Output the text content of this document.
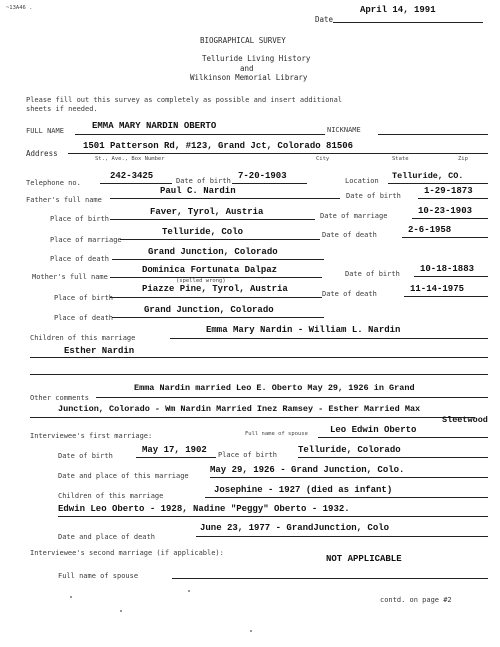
~13A46 .
Date
April 14, 1991
BIOGRAPHICAL SURVEY
Telluride Living History
and
Wilkinson Memorial Library
Please fill out this survey as completely as possible and insert additional
sheets if needed.
FULL NAME	EMMA MARY NARDIN OBERTO	NICKNAME
Address
1501 Patterson Rd, #123, Grand Jct, Colorado 81506
St., Ave., Box Number	City	State	Zip
Telephone no.
242-3425	Date of birth 7-20-1903	Location Telluride, CO.
Father's full name
Paul C. Nardin	Date of birth	1-29-1873
Place of birth
Faver, Tyrol, Austria	Date of marriage	10-23-1903
Place of marriage
Telluride, Colo	Date of death	2-6-1958
Place of death
Grand Junction, Colorado
Mother's full name
Dominica Fortunata Dalpaz	Date of birth 10-18-1883
(spelled wrong)
Place of birth
Piazze Pine, Tyrol, Austria	Date of death	11-14-1975
Place of death
Grand Junction, Colorado
Children of this marriage
Emma Mary Nardin - William L. Nardin
Esther Nardin
Other comments
Emma Nardin married Leo E. Oberto May 29, 1926 in Grand
Junction, Colorado - Wm Nardin Married Inez Ramsey - Esther Married Max
Sleetwood
Interviewee's first marriage:	Full name of spouse Leo Edwin Oberto
Date of birth
May 17, 1902 Place of birth Telluride, Colorado
Date and place of this marriage
May 29, 1926 - Grand Junction, Colo.
Children of this marriage
Josephine - 1927 (died as infant)
Edwin Leo Oberto - 1928, Nadine "Peggy" Oberto - 1932.
Date and place of death
June 23, 1977 - GrandJunction, Colo
Interviewee's second marriage (if applicable):
NOT APPLICABLE
Full name of spouse
contd. on page #2
